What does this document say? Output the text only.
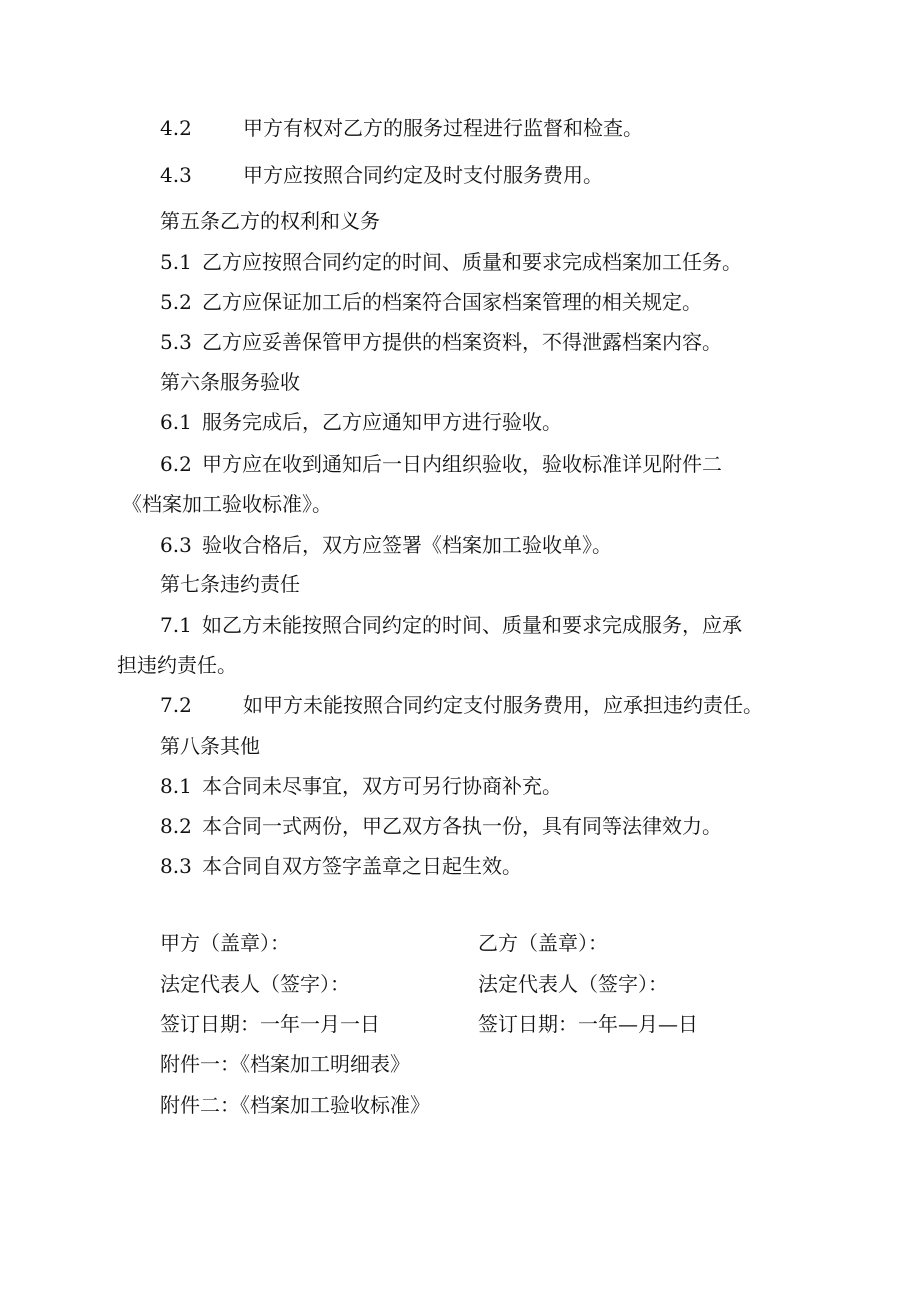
4.2	甲方有权对乙方的服务过程进行监督和检查。
4.3	甲方应按照合同约定及时支付服务费用。
第五条乙方的权利和义务
5.1 乙方应按照合同约定的时间、质量和要求完成档案加工任务。
5.2 乙方应保证加工后的档案符合国家档案管理的相关规定。
5.3 乙方应妥善保管甲方提供的档案资料，不得泄露档案内容。
第六条服务验收
6.1 服务完成后，乙方应通知甲方进行验收。
6.2 甲方应在收到通知后一日内组织验收，验收标准详见附件二
《档案加工验收标准》。
6.3 验收合格后，双方应签署《档案加工验收单》。
第七条违约责任
7.1 如乙方未能按照合同约定的时间、质量和要求完成服务，应承
担违约责任。
7.2	如甲方未能按照合同约定支付服务费用，应承担违约责任。
第八条其他
8.1 本合同未尽事宜，双方可另行协商补充。
8.2 本合同一式两份，甲乙双方各执一份，具有同等法律效力。
8.3 本合同自双方签字盖章之日起生效。
甲方（盖章）：	乙方（盖章）：
法定代表人（签字）：	法定代表人（签字）：
签订日期：一年一月一日	签订日期：一年—月—日
附件一：《档案加工明细表》
附件二：《档案加工验收标准》
